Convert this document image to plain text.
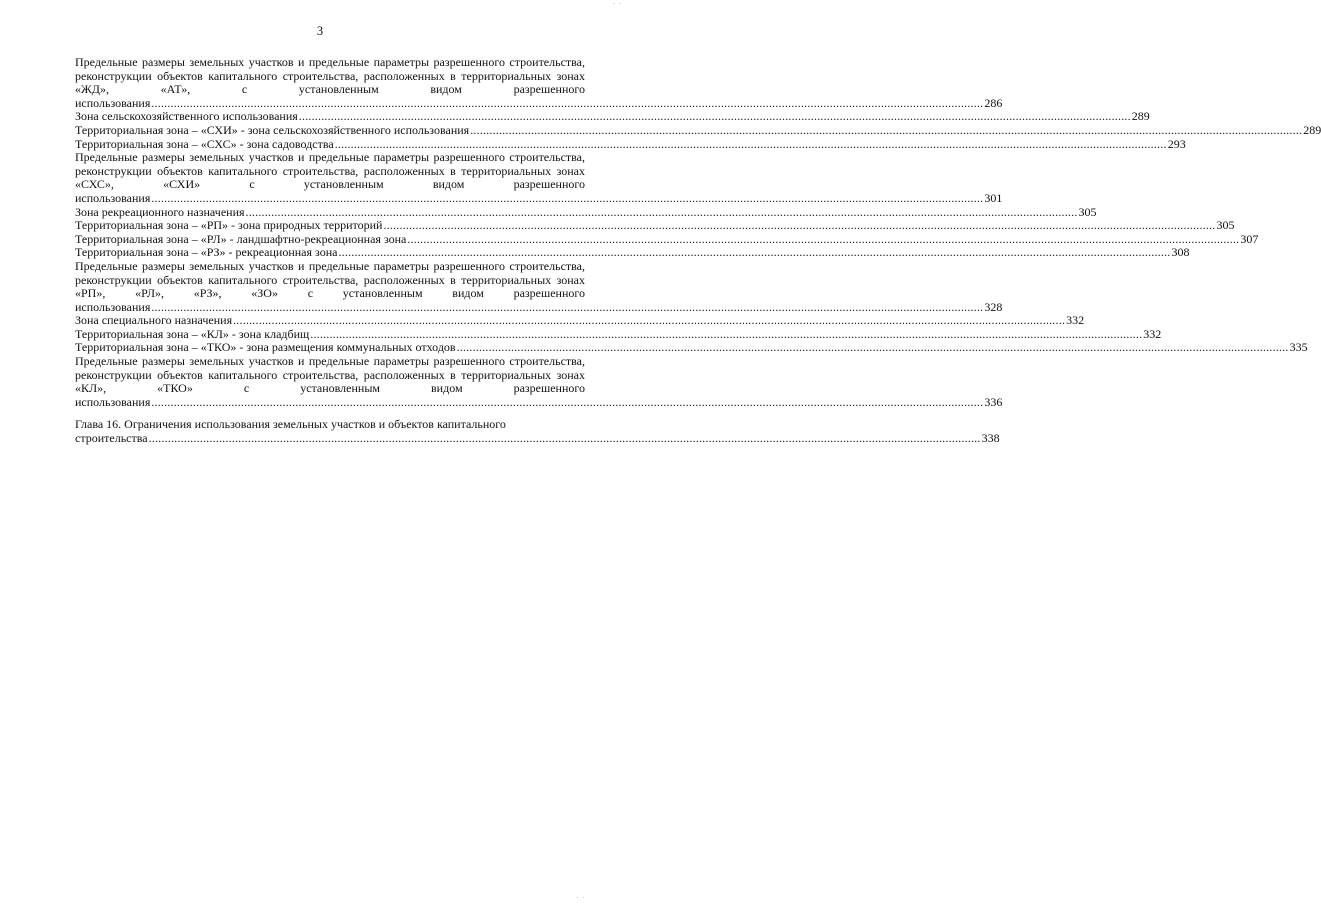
· ·
3
Предельные размеры земельных участков и предельные параметры разрешенного строительства, реконструкции объектов капитального строительства, расположенных в территориальных зонах «ЖД», «АТ», с установленным видом разрешенного
использования .................................................................................................................................................................................................................................................................... 286
Зона сельскохозяйственного использования .................................................................................................................................................................................................................................................................... 289
Территориальная зона – «СХИ» - зона сельскохозяйственного использования .................................................................................................................................................................................................................................................................... 289
Территориальная зона – «СХС» - зона садоводства .................................................................................................................................................................................................................................................................... 293
Предельные размеры земельных участков и предельные параметры разрешенного строительства, реконструкции объектов капитального строительства, расположенных в территориальных зонах «СХС», «СХИ» с установленным видом разрешенного
использования .................................................................................................................................................................................................................................................................... 301
Зона рекреационного назначения .................................................................................................................................................................................................................................................................... 305
Территориальная зона – «РП» - зона природных территорий .................................................................................................................................................................................................................................................................... 305
Территориальная зона – «РЛ» - ландшафтно-рекреационная зона .................................................................................................................................................................................................................................................................... 307
Территориальная зона – «РЗ» - рекреационная зона .................................................................................................................................................................................................................................................................... 308
Предельные размеры земельных участков и предельные параметры разрешенного строительства, реконструкции объектов капитального строительства, расположенных в территориальных зонах «РП», «РЛ», «РЗ», «ЗО» с установленным видом разрешенного
использования .................................................................................................................................................................................................................................................................... 328
Зона специального назначения .................................................................................................................................................................................................................................................................... 332
Территориальная зона – «КЛ» - зона кладбищ .................................................................................................................................................................................................................................................................... 332
Территориальная зона – «ТКО» - зона размещения коммунальных отходов .................................................................................................................................................................................................................................................................... 335
Предельные размеры земельных участков и предельные параметры разрешенного строительства, реконструкции объектов капитального строительства, расположенных в территориальных зонах «КЛ», «ТКО» с установленным видом разрешенного
использования .................................................................................................................................................................................................................................................................... 336
Глава 16. Ограничения использования земельных участков и объектов капитального
строительства .................................................................................................................................................................................................................................................................... 338
· ·
